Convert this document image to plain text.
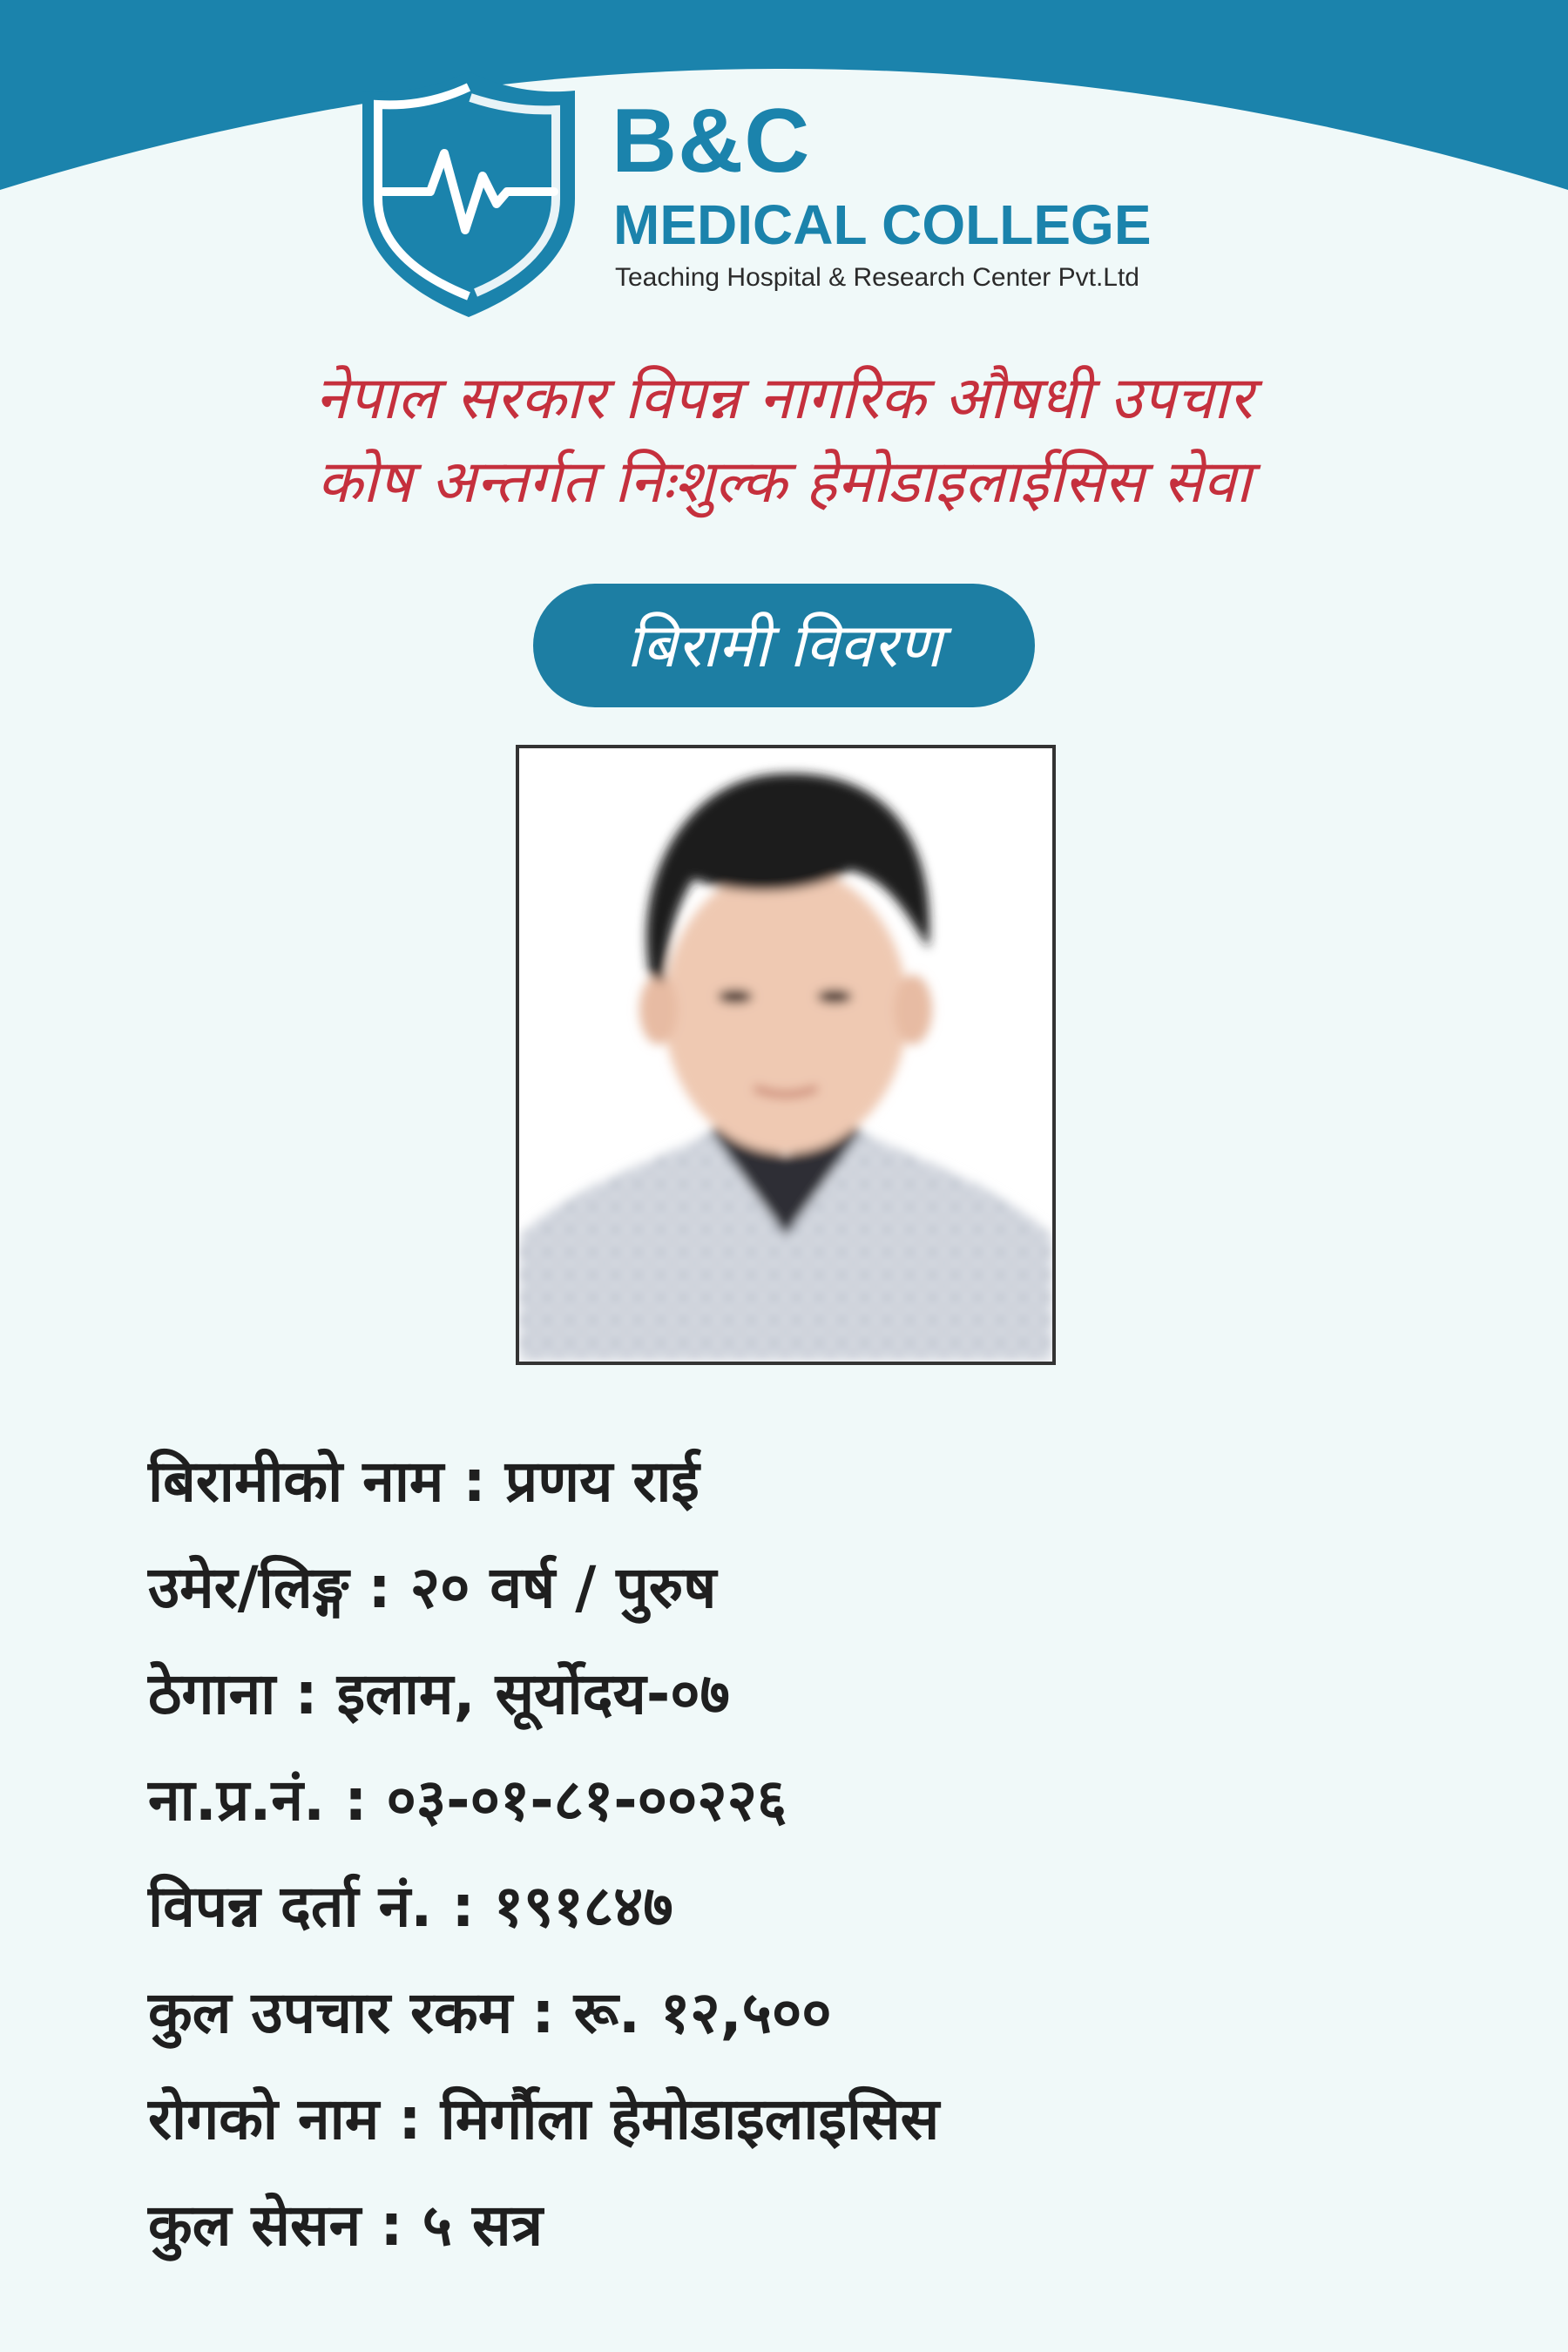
B&C
MEDICAL COLLEGE
Teaching Hospital & Research Center Pvt.Ltd
नेपाल सरकार विपन्न नागरिक औषधी उपचार
कोष अन्तर्गत निःशुल्क हेमोडाइलाईसिस सेवा
बिरामी विवरण
बिरामीको नाम : प्रणय राई
उमेर/लिङ्ग : २० वर्ष / पुरुष
ठेगाना : इलाम, सूर्योदय-०७
ना.प्र.नं. : ०३-०१-८१-००२२६
विपन्न दर्ता नं. : १९१८४७
कुल उपचार रकम : रू. १२,५००
रोगको नाम : मिर्गौला हेमोडाइलाइसिस
कुल सेसन : ५ सत्र
